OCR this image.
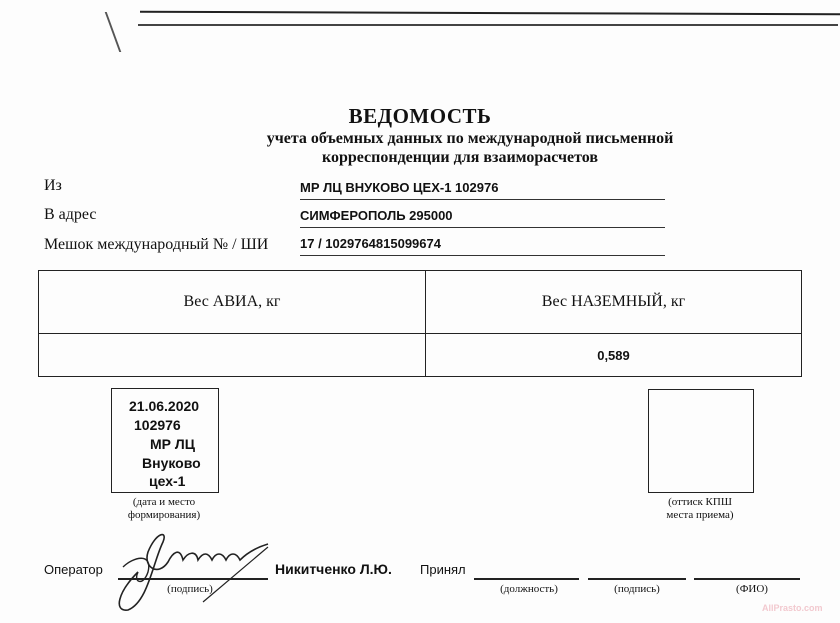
ВЕДОМОСТЬ
учета объемных данных по международной письменной
корреспонденции для взаиморасчетов
Из	МР ЛЦ ВНУКОВО ЦЕХ-1 102976
В адрес	СИМФЕРОПОЛЬ 295000
Мешок международный № / ШИ 17 / 1029764815099674
Вес АВИА, кг	Вес НАЗЕМНЫЙ, кг
	0,589
21.06.2020
102976
МР ЛЦ
Внуково
цех-1
(дата и место
формирования)
(оттиск КПШ
места приема)
Оператор
(подпись)
Никитченко Л.Ю. Принял
(должность)	(подпись)	(ФИО)
AllPrasto.com
